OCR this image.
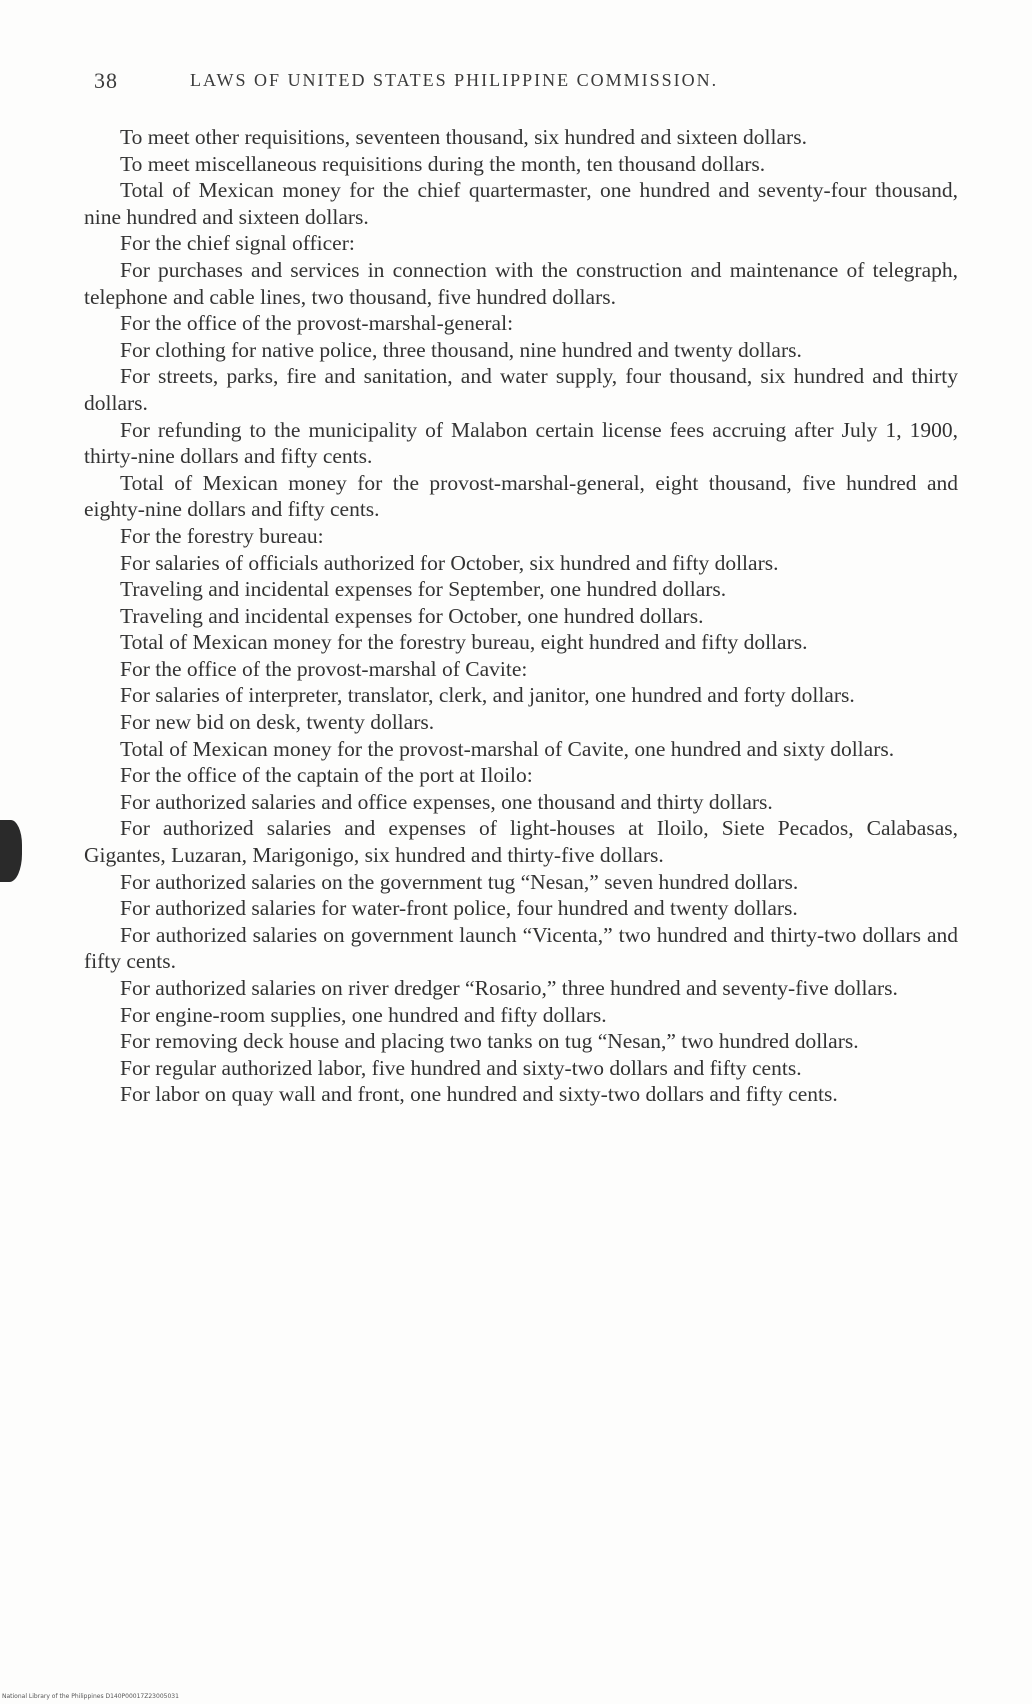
38	LAWS OF UNITED STATES PHILIPPINE COMMISSION.

To meet other requisitions, seventeen thousand, six hundred and sixteen dollars.

To meet miscellaneous requisitions during the month, ten thousand dollars.

Total of Mexican money for the chief quartermaster, one hundred and seventy-four thousand, nine hundred and sixteen dollars.

For the chief signal officer:

For purchases and services in connection with the construction and maintenance of telegraph, telephone and cable lines, two thousand, five hundred dollars.

For the office of the provost-marshal-general:

For clothing for native police, three thousand, nine hundred and twenty dollars.

For streets, parks, fire and sanitation, and water supply, four thousand, six hundred and thirty dollars.

For refunding to the municipality of Malabon certain license fees accruing after July 1, 1900, thirty-nine dollars and fifty cents.

Total of Mexican money for the provost-marshal-general, eight thousand, five hundred and eighty-nine dollars and fifty cents.

For the forestry bureau:

For salaries of officials authorized for October, six hundred and fifty dollars.

Traveling and incidental expenses for September, one hundred dollars.

Traveling and incidental expenses for October, one hundred dollars.

Total of Mexican money for the forestry bureau, eight hundred and fifty dollars.

For the office of the provost-marshal of Cavite:

For salaries of interpreter, translator, clerk, and janitor, one hundred and forty dollars.

For new bid on desk, twenty dollars.

Total of Mexican money for the provost-marshal of Cavite, one hundred and sixty dollars.

For the office of the captain of the port at Iloilo:

For authorized salaries and office expenses, one thousand and thirty dollars.

For authorized salaries and expenses of light-houses at Iloilo, Siete Pecados, Calabasas, Gigantes, Luzaran, Marigonigo, six hundred and thirty-five dollars.

For authorized salaries on the government tug “Nesan,” seven hundred dollars.

For authorized salaries for water-front police, four hundred and twenty dollars.

For authorized salaries on government launch “Vicenta,” two hundred and thirty-two dollars and fifty cents.

For authorized salaries on river dredger “Rosario,” three hundred and seventy-five dollars.

For engine-room supplies, one hundred and fifty dollars.

For removing deck house and placing two tanks on tug “Nesan,” two hundred dollars.

For regular authorized labor, five hundred and sixty-two dollars and fifty cents.

For labor on quay wall and front, one hundred and sixty-two dollars and fifty cents.

National Library of the Philippines D140P00017Z23005031
